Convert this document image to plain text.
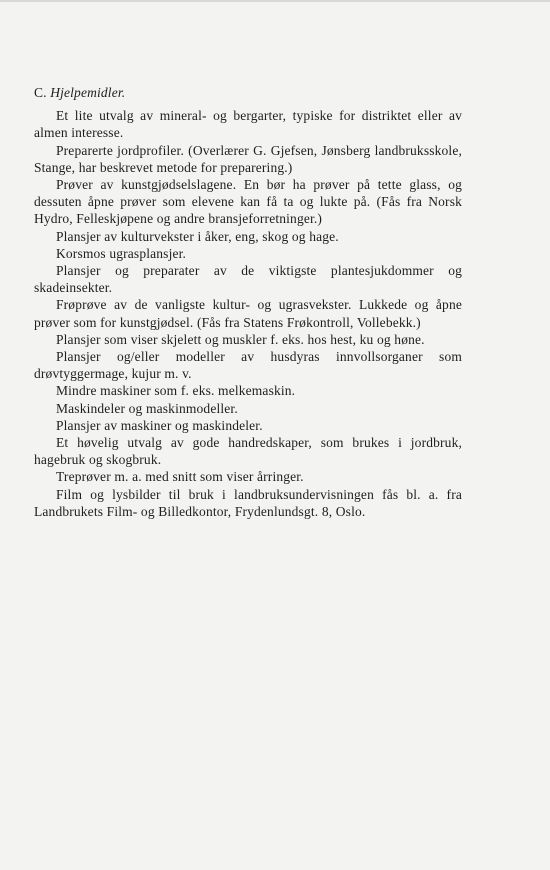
C. Hjelpemidler.

Et lite utvalg av mineral- og bergarter, typiske for distriktet eller av almen interesse.

Preparerte jordprofiler. (Overlærer G. Gjefsen, Jønsberg landbruksskole, Stange, har beskrevet metode for preparering.)

Prøver av kunstgjødselslagene. En bør ha prøver på tette glass, og dessuten åpne prøver som elevene kan få ta og lukte på. (Fås fra Norsk Hydro, Felleskjøpene og andre bransjeforretninger.)

Plansjer av kulturvekster i åker, eng, skog og hage.

Korsmos ugrasplansjer.

Plansjer og preparater av de viktigste plantesjukdommer og skadeinsekter.

Frøprøve av de vanligste kultur- og ugrasvekster. Lukkede og åpne prøver som for kunstgjødsel. (Fås fra Statens Frøkontroll, Vollebekk.)

Plansjer som viser skjelett og muskler f. eks. hos hest, ku og høne.

Plansjer og/eller modeller av husdyras innvollsorganer som drøvtyggermage, kujur m. v.

Mindre maskiner som f. eks. melkemaskin.

Maskindeler og maskinmodeller.

Plansjer av maskiner og maskindeler.

Et høvelig utvalg av gode handredskaper, som brukes i jordbruk, hagebruk og skogbruk.

Treprøver m. a. med snitt som viser årringer.

Film og lysbilder til bruk i landbruksundervisningen fås bl. a. fra Landbrukets Film- og Billedkontor, Frydenlundsgt. 8, Oslo.
